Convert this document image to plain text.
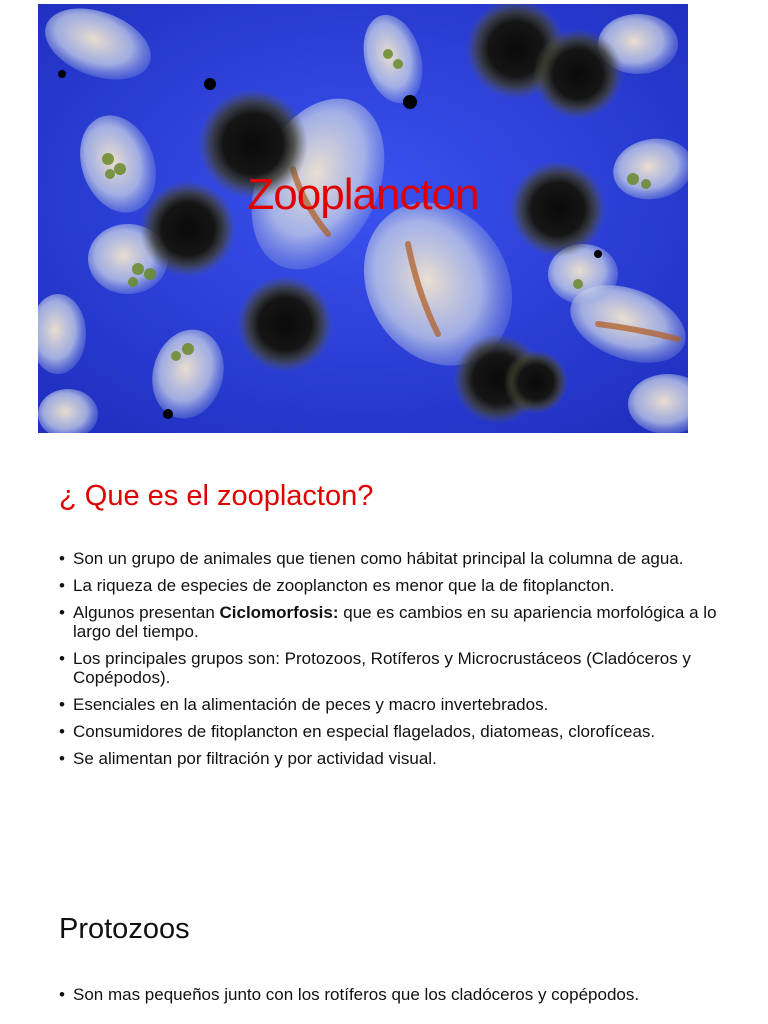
Zooplancton
¿ Que es el zooplacton?
• Son un grupo de animales que tienen como hábitat principal la columna de agua.
• La riqueza de especies de zooplancton es menor que la de fitoplancton.
• Algunos presentan Ciclomorfosis: que es cambios en su apariencia morfológica a lo largo del tiempo.
• Los principales grupos son: Protozoos, Rotíferos y Microcrustáceos (Cladóceros y Copépodos).
• Esenciales en la alimentación de peces y macro invertebrados.
• Consumidores de fitoplancton en especial flagelados, diatomeas, clorofíceas.
• Se alimentan por filtración y por actividad visual.
Protozoos
• Son mas pequeños junto con los rotíferos que los cladóceros y copépodos.
